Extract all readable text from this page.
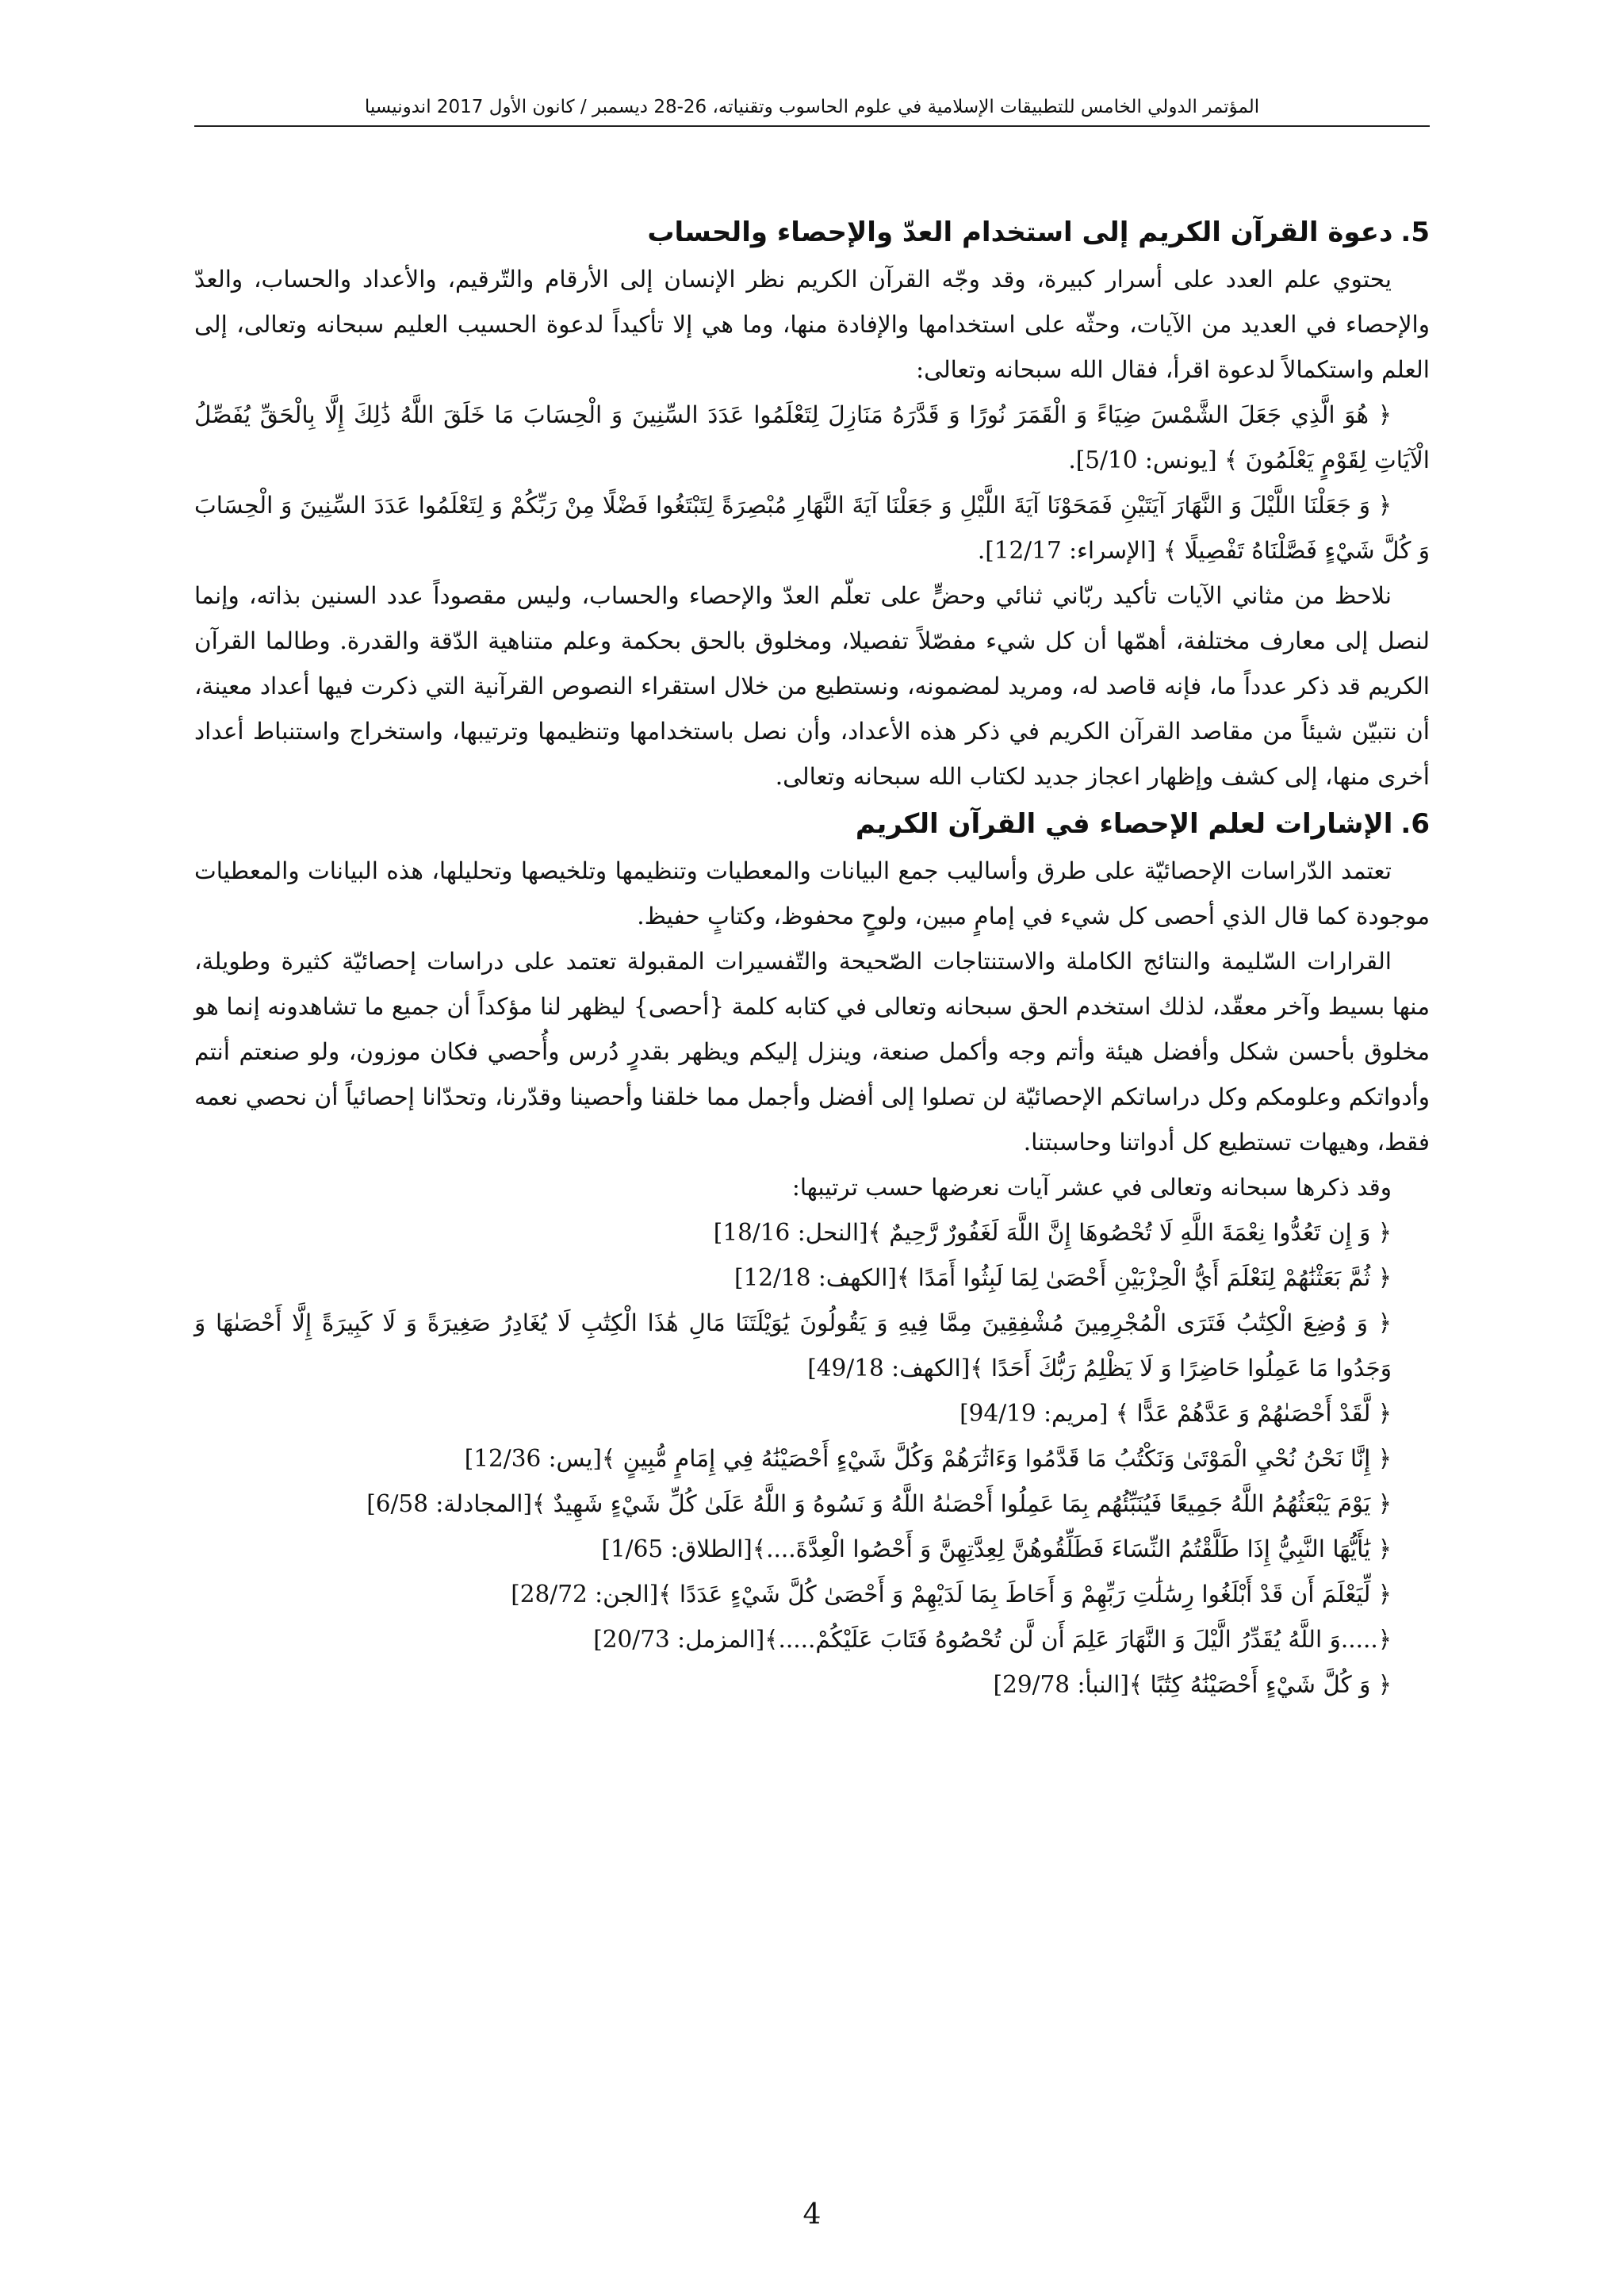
المؤتمر الدولي الخامس للتطبيقات الإسلامية في علوم الحاسوب وتقنياته، 26-28 ديسمبر / كانون الأول 2017 اندونيسيا
5.دعوة القرآن الكريم إلى استخدام العدّ والإحصاء والحساب

يحتوي علم العدد على أسرار كبيرة، وقد وجّه القرآن الكريم نظر الإنسان إلى الأرقام والتّرقيم، والأعداد والحساب، والعدّ والإحصاء في العديد من الآيات، وحثّه على استخدامها والإفادة منها، وما هي إلا تأكيداً لدعوة الحسيب العليم سبحانه وتعالى، إلى العلم واستكمالاً لدعوة اقرأ، فقال الله سبحانه وتعالى:

﴿ هُوَ الَّذِي جَعَلَ الشَّمْسَ ضِيَاءً وَ الْقَمَرَ نُورًا وَ قَدَّرَهُ مَنَازِلَ لِتَعْلَمُوا عَدَدَ السِّنِينَ وَ الْحِسَابَ مَا خَلَقَ اللَّهُ ذَٰلِكَ إِلَّا بِالْحَقِّ يُفَصِّلُ الْآيَاتِ لِقَوْمٍ يَعْلَمُونَ ﴾ [يونس: 5/10].

﴿ وَ جَعَلْنَا اللَّيْلَ وَ النَّهَارَ آيَتَيْنِ فَمَحَوْنَا آيَةَ اللَّيْلِ وَ جَعَلْنَا آيَةَ النَّهَارِ مُبْصِرَةً لِتَبْتَغُوا فَضْلًا مِنْ رَبِّكُمْ وَ لِتَعْلَمُوا عَدَدَ السِّنِينَ وَ الْحِسَابَ وَ كُلَّ شَيْءٍ فَصَّلْنَاهُ تَفْصِيلًا ﴾ [الإسراء: 12/17].

نلاحظ من مثاني الآيات تأكيد ربّاني ثنائي وحضٍّ على تعلّم العدّ والإحصاء والحساب، وليس مقصوداً عدد السنين بذاته، وإنما لنصل إلى معارف مختلفة، أهمّها أن كل شيء مفصّلاً تفصيلا، ومخلوق بالحق بحكمة وعلم متناهية الدّقة والقدرة. وطالما القرآن الكريم قد ذكر عدداً ما، فإنه قاصد له، ومريد لمضمونه، ونستطيع من خلال استقراء النصوص القرآنية التي ذكرت فيها أعداد معينة، أن نتبيّن شيئاً من مقاصد القرآن الكريم في ذكر هذه الأعداد، وأن نصل باستخدامها وتنظيمها وترتيبها، واستخراج واستنباط أعداد أخرى منها، إلى كشف وإظهار اعجاز جديد لكتاب الله سبحانه وتعالى.

6.الإشارات لعلم الإحصاء في القرآن الكريم

تعتمد الدّراسات الإحصائيّة على طرق وأساليب جمع البيانات والمعطيات وتنظيمها وتلخيصها وتحليلها، هذه البيانات والمعطيات موجودة كما قال الذي أحصى كل شيء في إمامٍ مبين، ولوحٍ محفوظ، وكتابٍ حفيظ.

القرارات السّليمة والنتائج الكاملة والاستنتاجات الصّحيحة والتّفسيرات المقبولة تعتمد على دراسات إحصائيّة كثيرة وطويلة، منها بسيط وآخر معقّد، لذلك استخدم الحق سبحانه وتعالى في كتابه كلمة {أحصى} ليظهر لنا مؤكداً أن جميع ما تشاهدونه إنما هو مخلوق بأحسن شكل وأفضل هيئة وأتم وجه وأكمل صنعة، وينزل إليكم ويظهر بقدرٍ دُرس وأُحصي فكان موزون، ولو صنعتم أنتم وأدواتكم وعلومكم وكل دراساتكم الإحصائيّة لن تصلوا إلى أفضل وأجمل مما خلقنا وأحصينا وقدّرنا، وتحدّانا إحصائياً أن نحصي نعمه فقط، وهيهات تستطيع كل أدواتنا وحاسبتنا.

وقد ذكرها سبحانه وتعالى في عشر آيات نعرضها حسب ترتيبها:

﴿ وَ إِن تَعُدُّوا نِعْمَةَ اللَّهِ لَا تُحْصُوهَا إِنَّ اللَّهَ لَغَفُورٌ رَّحِيمٌ ﴾[النحل: 18/16]
﴿ ثُمَّ بَعَثْنَٰهُمْ لِنَعْلَمَ أَيُّ الْحِزْبَيْنِ أَحْصَىٰ لِمَا لَبِثُوا أَمَدًا ﴾[الكهف: 12/18]
﴿ وَ وُضِعَ الْكِتَٰبُ فَتَرَى الْمُجْرِمِينَ مُشْفِقِينَ مِمَّا فِيهِ وَ يَقُولُونَ يَٰوَيْلَتَنَا مَالِ هَٰذَا الْكِتَٰبِ لَا يُغَادِرُ صَغِيرَةً وَ لَا كَبِيرَةً إِلَّا أَحْصَىٰهَا وَ وَجَدُوا مَا عَمِلُوا حَاضِرًا وَ لَا يَظْلِمُ رَبُّكَ أَحَدًا ﴾[الكهف: 49/18]
﴿ لَّقَدْ أَحْصَىٰهُمْ وَ عَدَّهُمْ عَدًّا ﴾ [مريم: 94/19]
﴿ إِنَّا نَحْنُ نُحْيِ الْمَوْتَىٰ وَنَكْتُبُ مَا قَدَّمُوا وَءَاثَٰرَهُمْ وَكُلَّ شَيْءٍ أَحْصَيْنَٰهُ فِي إِمَامٍ مُّبِينٍ ﴾[يس: 12/36]
﴿ يَوْمَ يَبْعَثُهُمُ اللَّهُ جَمِيعًا فَيُنَبِّئُهُم بِمَا عَمِلُوا أَحْصَىٰهُ اللَّهُ وَ نَسُوهُ وَ اللَّهُ عَلَىٰ كُلِّ شَيْءٍ شَهِيدٌ ﴾[المجادلة: 6/58]
﴿ يَٰأَيُّهَا النَّبِيُّ إِذَا طَلَّقْتُمُ النِّسَاءَ فَطَلِّقُوهُنَّ لِعِدَّتِهِنَّ وَ أَحْصُوا الْعِدَّةَ....﴾[الطلاق: 1/65]
﴿ لِّيَعْلَمَ أَن قَدْ أَبْلَغُوا رِسَٰلَٰتِ رَبِّهِمْ وَ أَحَاطَ بِمَا لَدَيْهِمْ وَ أَحْصَىٰ كُلَّ شَيْءٍ عَدَدًا ﴾[الجن: 28/72]
﴿.....وَ اللَّهُ يُقَدِّرُ الَّيْلَ وَ النَّهَارَ عَلِمَ أَن لَّن تُحْصُوهُ فَتَابَ عَلَيْكُمْ.....﴾[المزمل: 20/73]
﴿ وَ كُلَّ شَيْءٍ أَحْصَيْنَٰهُ كِتَٰبًا ﴾[النبأ: 29/78]
4
